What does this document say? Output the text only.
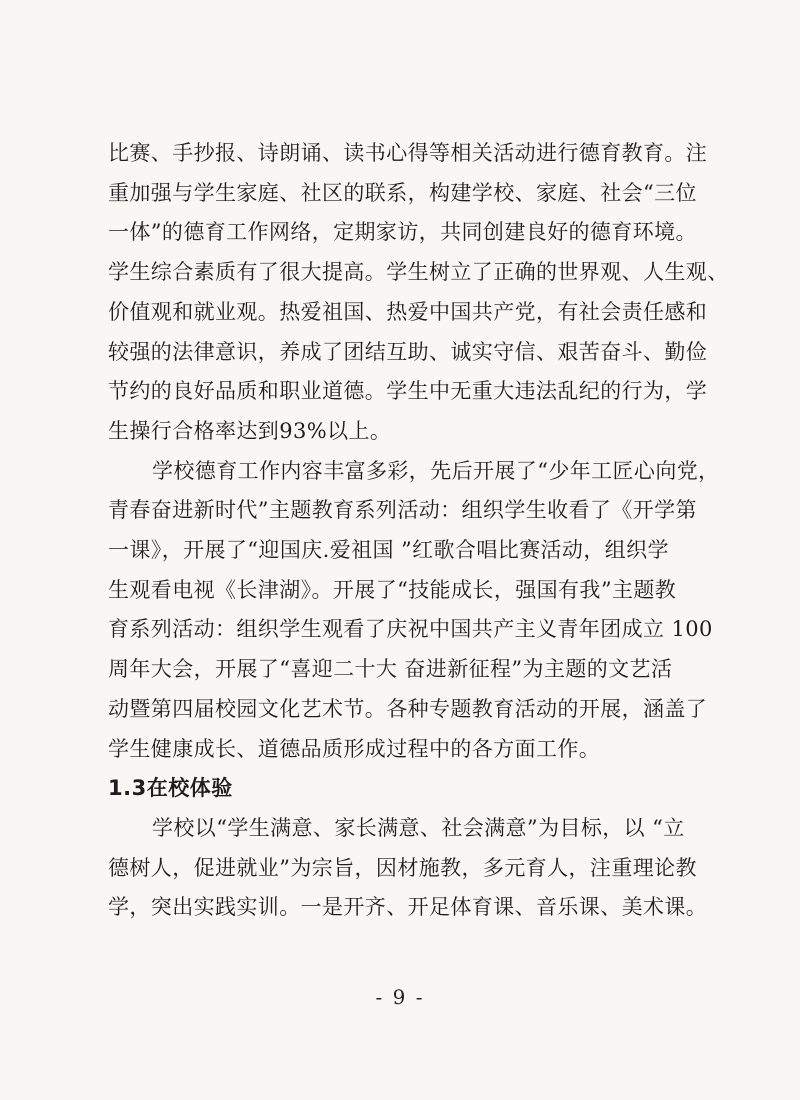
比赛、手抄报、诗朗诵、读书心得等相关活动进行德育教育。注
重加强与学生家庭、社区的联系，构建学校、家庭、社会“三位
一体”的德育工作网络，定期家访，共同创建良好的德育环境。
学生综合素质有了很大提高。学生树立了正确的世界观、人生观、
价值观和就业观。热爱祖国、热爱中国共产党，有社会责任感和
较强的法律意识，养成了团结互助、诚实守信、艰苦奋斗、勤俭
节约的良好品质和职业道德。学生中无重大违法乱纪的行为，学
生操行合格率达到93%以上。
学校德育工作内容丰富多彩，先后开展了“少年工匠心向党，
青春奋进新时代”主题教育系列活动：组织学生收看了《开学第
一课》，开展了“迎国庆.爱祖国 ”红歌合唱比赛活动，组织学
生观看电视《长津湖》。开展了“技能成长，强国有我”主题教
育系列活动：组织学生观看了庆祝中国共产主义青年团成立 100
周年大会，开展了“喜迎二十大 奋进新征程”为主题的文艺活
动暨第四届校园文化艺术节。各种专题教育活动的开展，涵盖了
学生健康成长、道德品质形成过程中的各方面工作。
1.3在校体验
学校以“学生满意、家长满意、社会满意”为目标，以 “立
德树人，促进就业”为宗旨，因材施教，多元育人，注重理论教
学，突出实践实训。一是开齐、开足体育课、音乐课、美术课。
- 9 -
